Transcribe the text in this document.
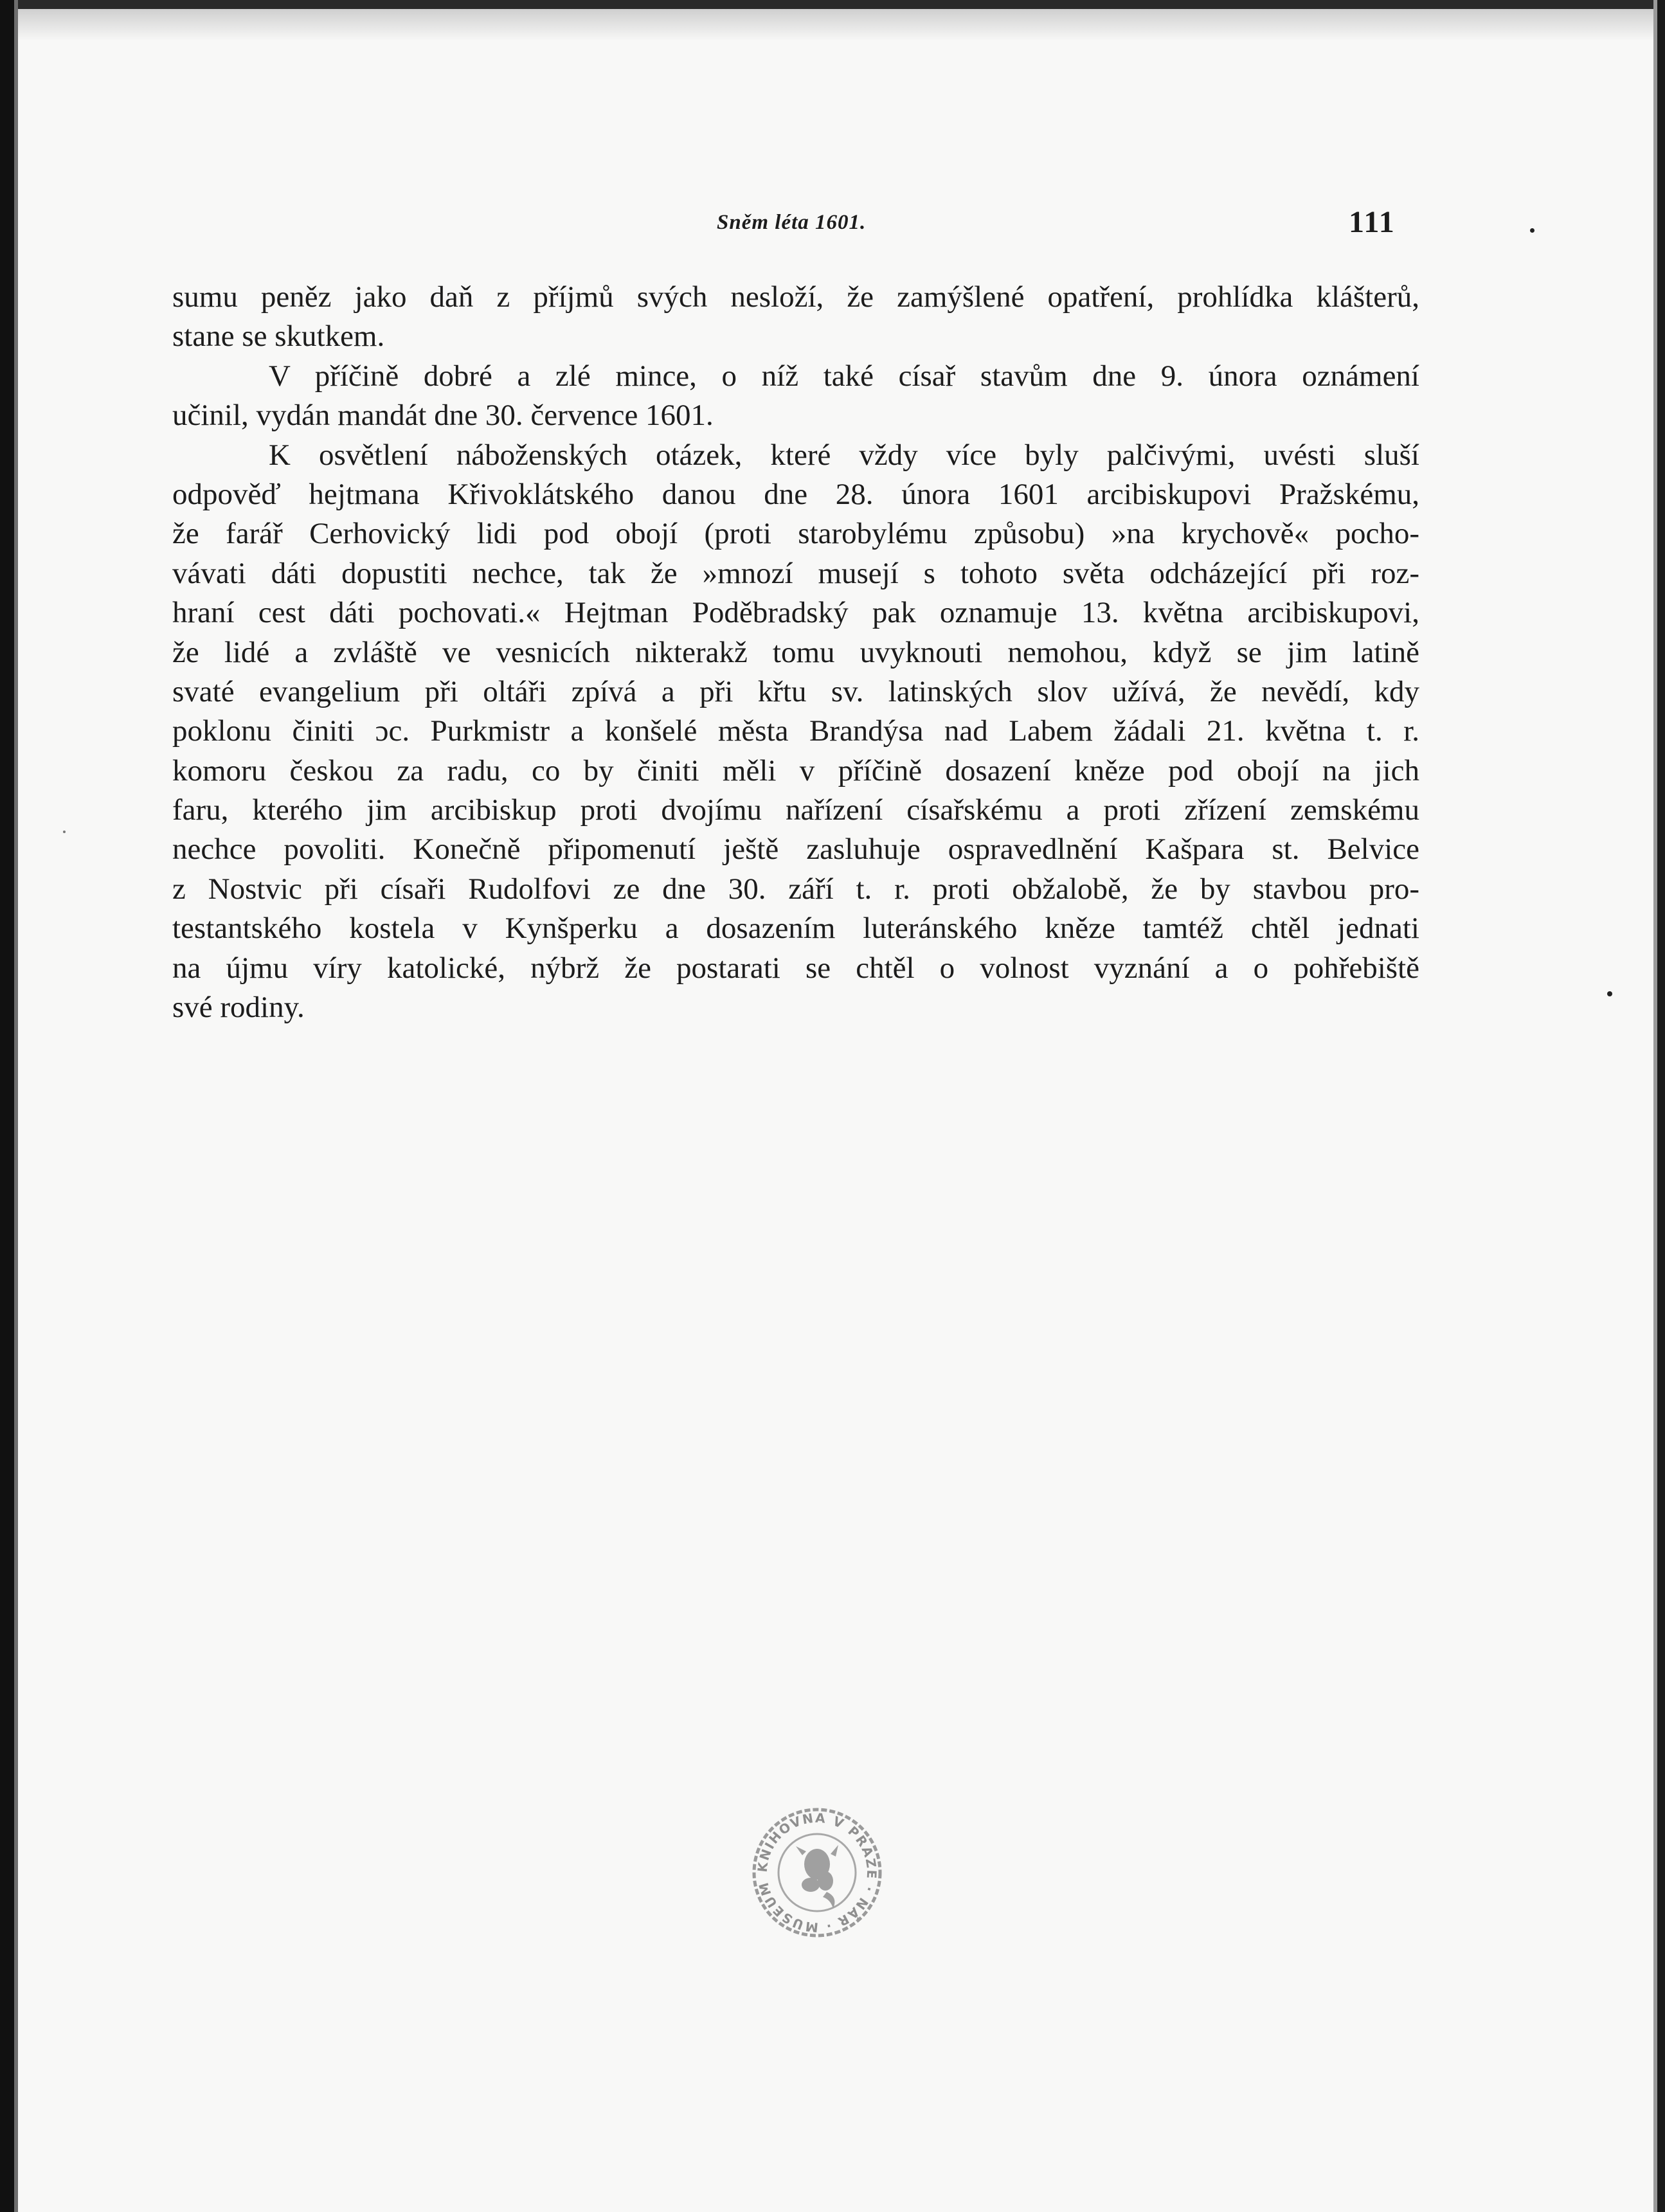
Sněm léta 1601.	111
sumu peněz jako daň z příjmů svých nesloží, že zamýšlené opatření, prohlídka klášterů,
stane se skutkem.
V příčině dobré a zlé mince, o níž také císař stavům dne 9. února oznámení
učinil, vydán mandát dne 30. července 1601.
K osvětlení náboženských otázek, které vždy více byly palčivými, uvésti sluší
odpověď hejtmana Křivoklátského danou dne 28. února 1601 arcibiskupovi Pražskému,
že farář Cerhovický lidi pod obojí (proti starobylému způsobu) »na krychově« pocho-
vávati dáti dopustiti nechce, tak že »mnozí musejí s tohoto světa odcházející při roz-
hraní cest dáti pochovati.« Hejtman Poděbradský pak oznamuje 13. května arcibiskupovi,
že lidé a zvláště ve vesnicích nikterakž tomu uvyknouti nemohou, když se jim latině
svaté evangelium při oltáři zpívá a při křtu sv. latinských slov užívá, že nevědí, kdy
poklonu činiti ɔc. Purkmistr a konšelé města Brandýsa nad Labem žádali 21. května t. r.
komoru českou za radu, co by činiti měli v příčině dosazení kněze pod obojí na jich
faru, kterého jim arcibiskup proti dvojímu nařízení císařskému a proti zřízení zemskému
nechce povoliti. Konečně připomenutí ještě zasluhuje ospravedlnění Kašpara st. Belvice
z Nostvic při císaři Rudolfovi ze dne 30. září t. r. proti obžalobě, že by stavbou pro-
testantského kostela v Kynšperku a dosazením luteránského kněze tamtéž chtěl jednati
na újmu víry katolické, nýbrž že postarati se chtěl o volnost vyznání a o pohřebiště
své rodiny.
KNIHOVNA V PRAZE · NÁR · MUSEUM
